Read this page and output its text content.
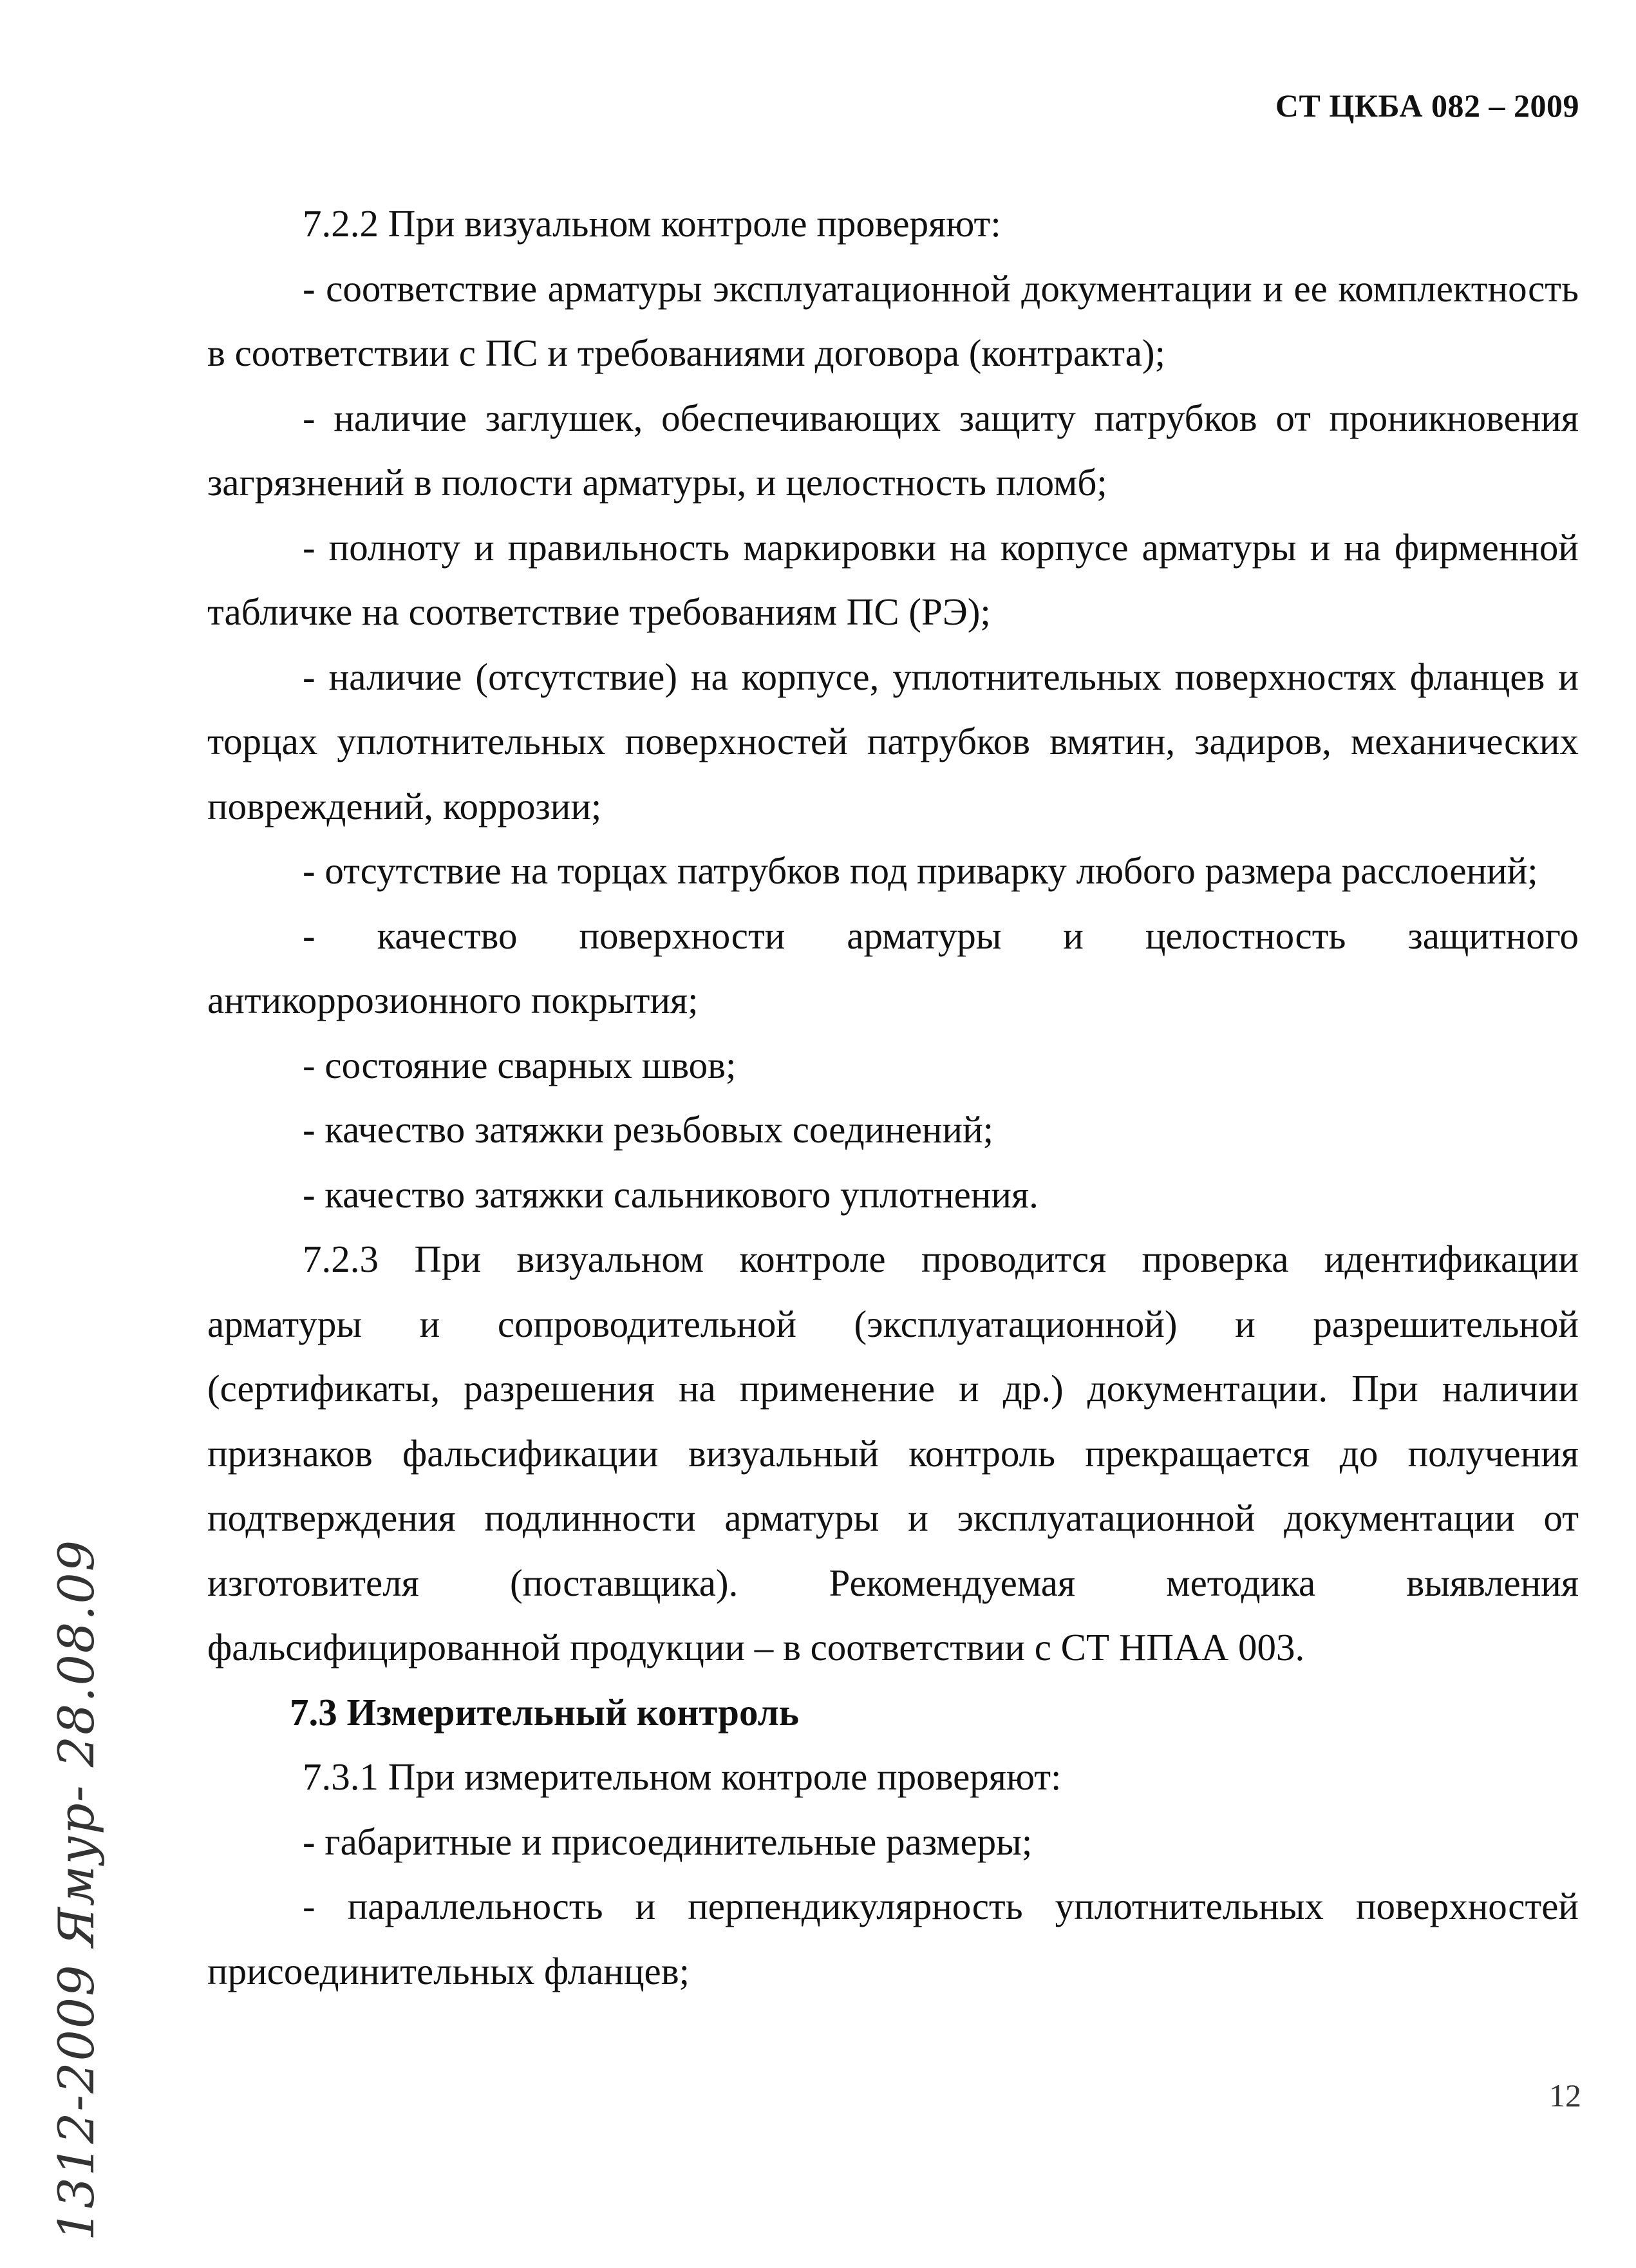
СТ ЦКБА 082 – 2009

7.2.2 При визуальном контроле проверяют:

- соответствие арматуры эксплуатационной документации и ее комплектность в соответствии с ПС и требованиями договора (контракта);

- наличие заглушек, обеспечивающих защиту патрубков от проникновения загрязнений в полости арматуры, и целостность пломб;

- полноту и правильность маркировки на корпусе арматуры и на фирменной табличке на соответствие требованиям ПС (РЭ);

- наличие (отсутствие) на корпусе, уплотнительных поверхностях фланцев и торцах уплотнительных поверхностей патрубков вмятин, задиров, механических повреждений, коррозии;

- отсутствие на торцах патрубков под приварку любого размера расслоений;

- качество поверхности арматуры и целостность защитного антикоррозионного покрытия;

- состояние сварных швов;

- качество затяжки резьбовых соединений;

- качество затяжки сальникового уплотнения.

7.2.3 При визуальном контроле проводится проверка идентификации арматуры и сопроводительной (эксплуатационной) и разрешительной (сертификаты, разрешения на применение и др.) документации. При наличии признаков фальсификации визуальный контроль прекращается до получения подтверждения подлинности арматуры и эксплуатационной документации от изготовителя (поставщика). Рекомендуемая методика выявления фальсифицированной продукции – в соответствии с СТ НПАА 003.

7.3 Измерительный контроль

7.3.1 При измерительном контроле проверяют:

- габаритные и присоединительные размеры;

- параллельность и перпендикулярность уплотнительных поверхностей присоединительных фланцев;

1312-2009 Ямур- 28.08.09	12
